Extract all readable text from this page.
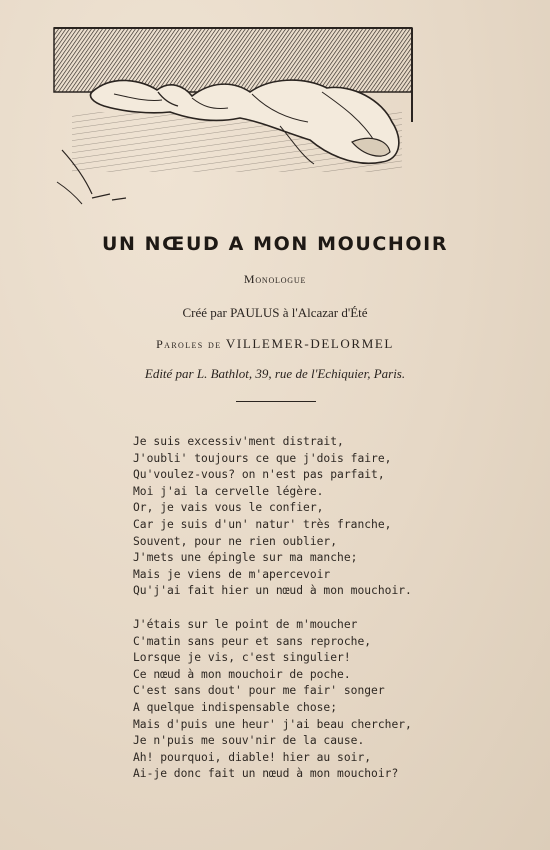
UN NŒUD A MON MOUCHOIR
Monologue
Créé par PAULUS à l'Alcazar d'Été
Paroles de VILLEMER-DELORMEL
Edité par L. Bathlot, 39, rue de l'Echiquier, Paris.
Je suis excessiv'ment distrait,
J'oubli' toujours ce que j'dois faire,
Qu'voulez-vous? on n'est pas parfait,
Moi j'ai la cervelle légère.
Or, je vais vous le confier,
Car je suis d'un' natur' très franche,
Souvent, pour ne rien oublier,
J'mets une épingle sur ma manche;
Mais je viens de m'apercevoir
Qu'j'ai fait hier un nœud à mon mouchoir.
J'étais sur le point de m'moucher
C'matin sans peur et sans reproche,
Lorsque je vis, c'est singulier!
Ce nœud à mon mouchoir de poche.
C'est sans dout' pour me fair' songer
A quelque indispensable chose;
Mais d'puis une heur' j'ai beau chercher,
Je n'puis me souv'nir de la cause.
Ah! pourquoi, diable! hier au soir,
Ai-je donc fait un nœud à mon mouchoir?
